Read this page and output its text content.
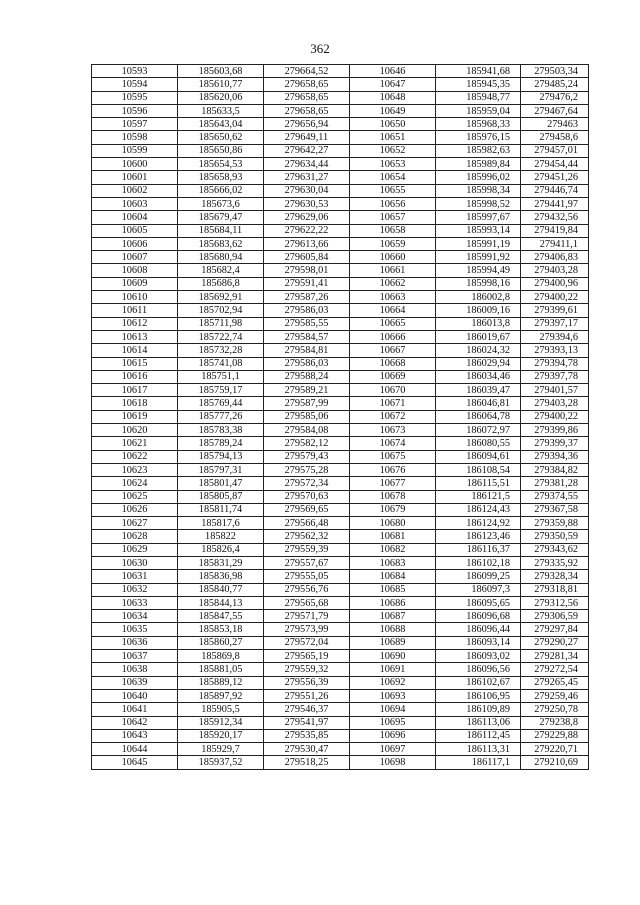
362
10593	185603,68	279664,52	10646	185941,68	279503,34
10594	185610,77	279658,65	10647	185945,35	279485,24
10595	185620,06	279658,65	10648	185948,77	279476,2
10596	185633,5	279658,65	10649	185959,04	279467,64
10597	185643,04	279656,94	10650	185968,33	279463
10598	185650,62	279649,11	10651	185976,15	279458,6
10599	185650,86	279642,27	10652	185982,63	279457,01
10600	185654,53	279634,44	10653	185989,84	279454,44
10601	185658,93	279631,27	10654	185996,02	279451,26
10602	185666,02	279630,04	10655	185998,34	279446,74
10603	185673,6	279630,53	10656	185998,52	279441,97
10604	185679,47	279629,06	10657	185997,67	279432,56
10605	185684,11	279622,22	10658	185993,14	279419,84
10606	185683,62	279613,66	10659	185991,19	279411,1
10607	185680,94	279605,84	10660	185991,92	279406,83
10608	185682,4	279598,01	10661	185994,49	279403,28
10609	185686,8	279591,41	10662	185998,16	279400,96
10610	185692,91	279587,26	10663	186002,8	279400,22
10611	185702,94	279586,03	10664	186009,16	279399,61
10612	185711,98	279585,55	10665	186013,8	279397,17
10613	185722,74	279584,57	10666	186019,67	279394,6
10614	185732,28	279584,81	10667	186024,32	279393,13
10615	185741,08	279586,03	10668	186029,94	279394,78
10616	185751,1	279588,24	10669	186034,46	279397,78
10617	185759,17	279589,21	10670	186039,47	279401,57
10618	185769,44	279587,99	10671	186046,81	279403,28
10619	185777,26	279585,06	10672	186064,78	279400,22
10620	185783,38	279584,08	10673	186072,97	279399,86
10621	185789,24	279582,12	10674	186080,55	279399,37
10622	185794,13	279579,43	10675	186094,61	279394,36
10623	185797,31	279575,28	10676	186108,54	279384,82
10624	185801,47	279572,34	10677	186115,51	279381,28
10625	185805,87	279570,63	10678	186121,5	279374,55
10626	185811,74	279569,65	10679	186124,43	279367,58
10627	185817,6	279566,48	10680	186124,92	279359,88
10628	185822	279562,32	10681	186123,46	279350,59
10629	185826,4	279559,39	10682	186116,37	279343,62
10630	185831,29	279557,67	10683	186102,18	279335,92
10631	185836,98	279555,05	10684	186099,25	279328,34
10632	185840,77	279556,76	10685	186097,3	279318,81
10633	185844,13	279565,68	10686	186095,65	279312,56
10634	185847,55	279571,79	10687	186096,68	279306,59
10635	185853,18	279573,99	10688	186096,44	279297,84
10636	185860,27	279572,04	10689	186093,14	279290,27
10637	185869,8	279565,19	10690	186093,02	279281,34
10638	185881,05	279559,32	10691	186096,56	279272,54
10639	185889,12	279556,39	10692	186102,67	279265,45
10640	185897,92	279551,26	10693	186106,95	279259,46
10641	185905,5	279546,37	10694	186109,89	279250,78
10642	185912,34	279541,97	10695	186113,06	279238,8
10643	185920,17	279535,85	10696	186112,45	279229,88
10644	185929,7	279530,47	10697	186113,31	279220,71
10645	185937,52	279518,25	10698	186117,1	279210,69
